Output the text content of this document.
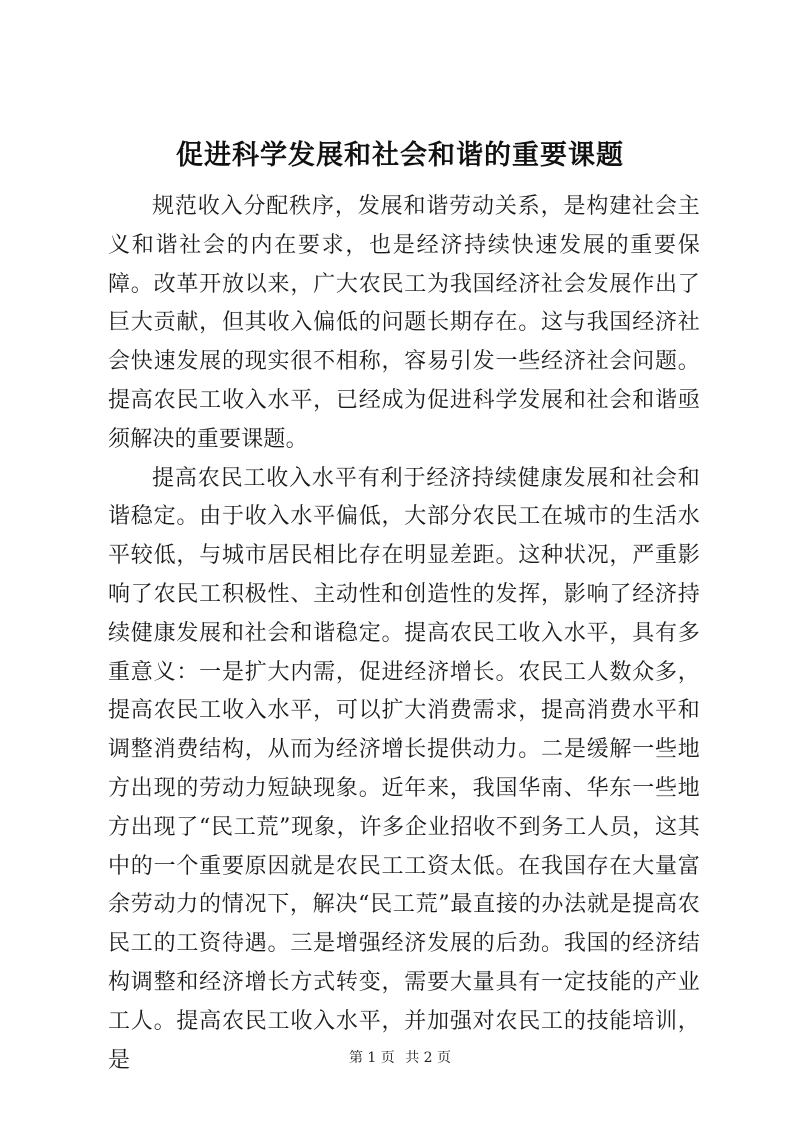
促进科学发展和社会和谐的重要课题

规范收入分配秩序，发展和谐劳动关系，是构建社会主义和谐社会的内在要求，也是经济持续快速发展的重要保障。改革开放以来，广大农民工为我国经济社会发展作出了巨大贡献，但其收入偏低的问题长期存在。这与我国经济社会快速发展的现实很不相称，容易引发一些经济社会问题。提高农民工收入水平，已经成为促进科学发展和社会和谐亟须解决的重要课题。

提高农民工收入水平有利于经济持续健康发展和社会和谐稳定。由于收入水平偏低，大部分农民工在城市的生活水平较低，与城市居民相比存在明显差距。这种状况，严重影响了农民工积极性、主动性和创造性的发挥，影响了经济持续健康发展和社会和谐稳定。提高农民工收入水平，具有多重意义：一是扩大内需，促进经济增长。农民工人数众多，提高农民工收入水平，可以扩大消费需求，提高消费水平和调整消费结构，从而为经济增长提供动力。二是缓解一些地方出现的劳动力短缺现象。近年来，我国华南、华东一些地方出现了“民工荒”现象，许多企业招收不到务工人员，这其中的一个重要原因就是农民工工资太低。在我国存在大量富余劳动力的情况下，解决“民工荒”最直接的办法就是提高农民工的工资待遇。三是增强经济发展的后劲。我国的经济结构调整和经济增长方式转变，需要大量具有一定技能的产业工人。提高农民工收入水平，并加强对农民工的技能培训，是	第 1 页 共 2 页
